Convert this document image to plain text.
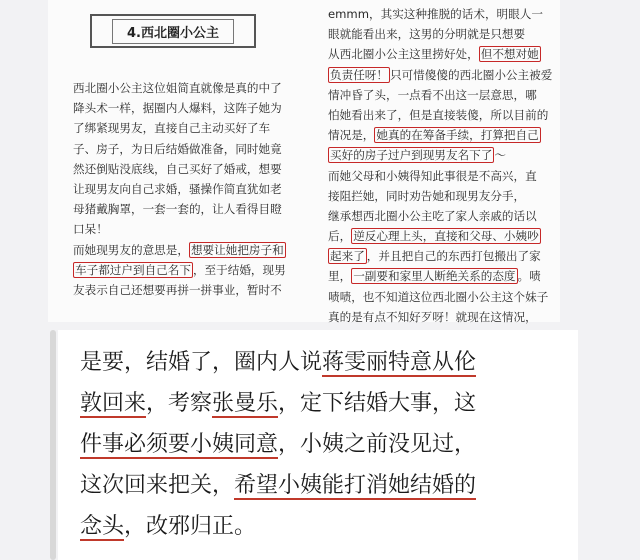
4.西北圈小公主
西北圈小公主这位姐简直就像是真的中了
降头术一样，据圈内人爆料，这阵子她为
了绑紧现男友，直接自己主动买好了车
子、房子，为日后结婚做准备，同时她竟
然还倒贴没底线，自己买好了婚戒，想要
让现男友向自己求婚，骚操作简直犹如老
母猪戴胸罩，一套一套的，让人看得目瞪
口呆！
而她现男友的意思是， 想要让她把房子和
车子都过户到自己名下 ，至于结婚，现男
友表示自己还想要再拼一拼事业，暂时不
emmm，其实这种推脱的话术，明眼人一
眼就能看出来，这男的分明就是只想要
从西北圈小公主这里捞好处， 但不想对她
负责任呀！ 只可惜傻傻的西北圈小公主被爱
情冲昏了头，一点看不出这一层意思，哪
怕她看出来了，但是直接装傻，所以目前的
情况是， 她真的在筹备手续，打算把自己
买好的房子过户到现男友名下了 ～
而她父母和小姨得知此事很是不高兴，直
接阻拦她，同时劝告她和现男友分手，
继承想西北圈小公主吃了家人亲戚的话以
后， 逆反心理上头，直接和父母、小姨吵
起来了 ，并且把自己的东西打包搬出了家
里， 一副要和家里人断绝关系的态度 。啧
啧啧，也不知道这位西北圈小公主这个妹子
真的是有点不知好歹呀！就现在这情况，
是要，结婚了，圈内人说蒋雯丽特意从伦
敦回来，考察张曼乐，定下结婚大事，这
件事必须要小姨同意，小姨之前没见过，
这次回来把关，希望小姨能打消她结婚的
念头，改邪归正。
